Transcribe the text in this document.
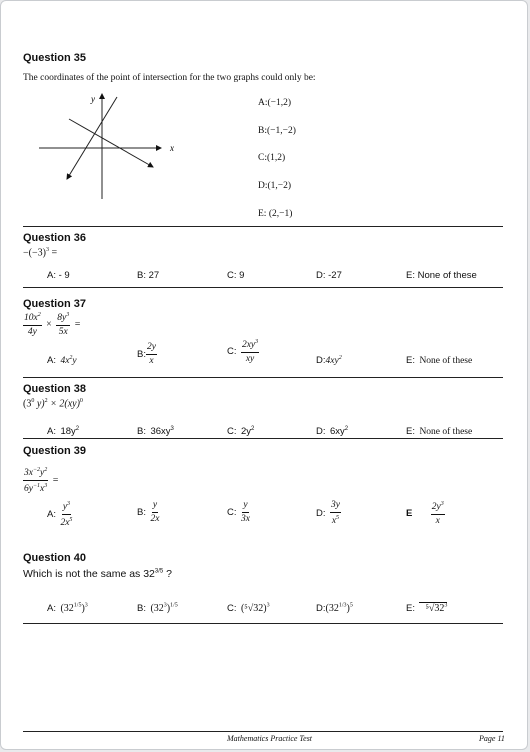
Question 35
The coordinates of the point of intersection for the two graphs could only be:
y
x
A:(−1,2)
B:(−1,−2)
C:(1,2)
D:(1,−2)
E: (2,−1)
Question 36
$-(-3)^3$ =
A: - 9	B: 27	C: 9	D: -27	E: None of these
Question 37
$\frac{10x^2}{4y} \times \frac{8y^3}{5x}$ =
A: $4x^2y$
B: $\frac{2y}{x}$	C: $\frac{2xy^3}{xy}$	$D:4xy^2$	E: None of these
Question 38
($3^0$ y)$^2$ × 2(xy)$^0$
A: $18y^2$	B: $36xy^3$	C: $2y^2$	D: $6xy^2$	E: None of these
Question 39
$\frac{3x^{-2}y^2}{6y^{-1}x^3}$ =
A: $\frac{y^3}{2x^5}$	B: $\frac{y}{2x}$	C: $\frac{y}{3x}$	D: $\frac{3y}{x^5}$	E $\frac{2y^3}{x}$
Question 40
Which is not the same as $32^{3/5}$ ?
A: $(32^{1/5})^3$	B: $(32^3)^{1/5}$	C: $(^5√32)^3$	$D:(32^{1/3})^5$	E: $^5√32^3$
Mathematics Practice Test	Page 11
